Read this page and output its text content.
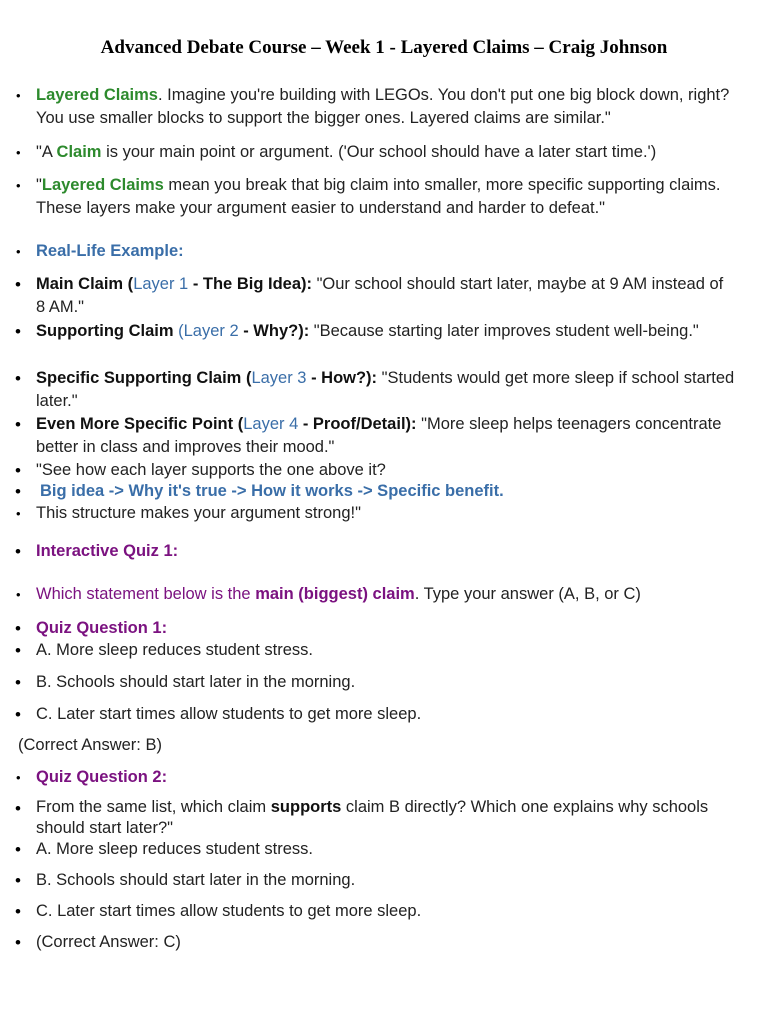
Advanced Debate Course – Week 1 - Layered Claims – Craig Johnson

• Layered Claims. Imagine you're building with LEGOs. You don't put one big block down, right? You use smaller blocks to support the bigger ones. Layered claims are similar."

• "A Claim is your main point or argument. ('Our school should have a later start time.')

• "Layered Claims mean you break that big claim into smaller, more specific supporting claims. These layers make your argument easier to understand and harder to defeat."

• Real-Life Example:

• Main Claim (Layer 1 - The Big Idea): "Our school should start later, maybe at 9 AM instead of 8 AM."

• Supporting Claim (Layer 2 - Why?): "Because starting later improves student well-being."

• Specific Supporting Claim (Layer 3 - How?): "Students would get more sleep if school started later."

• Even More Specific Point (Layer 4 - Proof/Detail): "More sleep helps teenagers concentrate better in class and improves their mood."

• "See how each layer supports the one above it?

• Big idea -> Why it's true -> How it works -> Specific benefit.

• This structure makes your argument strong!"

• Interactive Quiz 1:

• Which statement below is the main (biggest) claim. Type your answer (A, B, or C)

• Quiz Question 1:

• A. More sleep reduces student stress.

• B. Schools should start later in the morning.

• C. Later start times allow students to get more sleep.

(Correct Answer: B)

• Quiz Question 2:

• From the same list, which claim supports claim B directly? Which one explains why schools should start later?"

• A. More sleep reduces student stress.

• B. Schools should start later in the morning.

• C. Later start times allow students to get more sleep.

• (Correct Answer: C)
